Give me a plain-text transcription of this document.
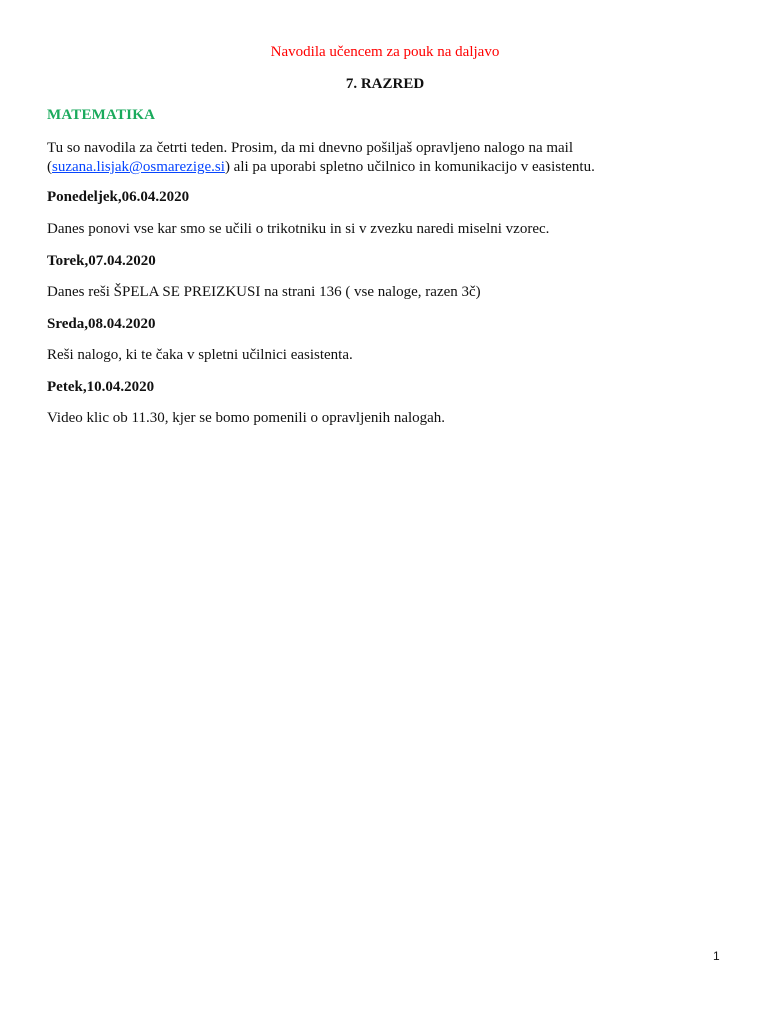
Navodila učencem za pouk na daljavo
7. RAZRED
MATEMATIKA
Tu so navodila za četrti teden. Prosim, da mi dnevno pošiljaš opravljeno nalogo na mail
(suzana.lisjak@osmarezige.si) ali pa uporabi spletno učilnico in komunikacijo v easistentu.
Ponedeljek,06.04.2020
Danes ponovi vse kar smo se učili o trikotniku in si v zvezku naredi miselni vzorec.
Torek,07.04.2020
Danes reši ŠPELA SE PREIZKUSI na strani 136 ( vse naloge, razen 3č)
Sreda,08.04.2020
Reši nalogo, ki te čaka v spletni učilnici easistenta.
Petek,10.04.2020
Video klic ob 11.30, kjer se bomo pomenili o opravljenih nalogah.
1
